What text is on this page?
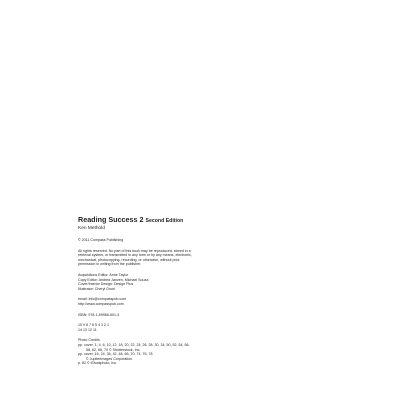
Reading Success 2 Second Edition

Ken Methold

© 2011 Compass Publishing
All rights reserved. No part of this book may be reproduced, stored in a
retrieval system, or transmitted in any form or by any means, electronic,
mechanical, photocopying, recording, or otherwise, without prior
permission in writing from the publisher.
Acquisitions Editor: Anne Taylor
Copy Editor: Andrea Janzen, Michael Souza
Cover/Interior Design: Design Plus
Illustrator: Cheryl Onori
email: info@compasspub.com
http://www.compasspub.com
ISBN: 978-1-59966-601-3
10 9 8 7 6 5 4 3 2 1
14 13 12 11
Photo Credits
pp. cover, 1, 4, 6, 10, 12, 18, 20, 22, 24, 26, 28, 30, 34, 50, 52, 54, 56,
58, 62, 66, 70 © Shutterstock, Inc.
pp. cover, 16, 24, 36, 42, 48, 66, 70, 74, 76, 78
© JupiterImages Corporation
p. 82 © iStockphoto, Inc.
